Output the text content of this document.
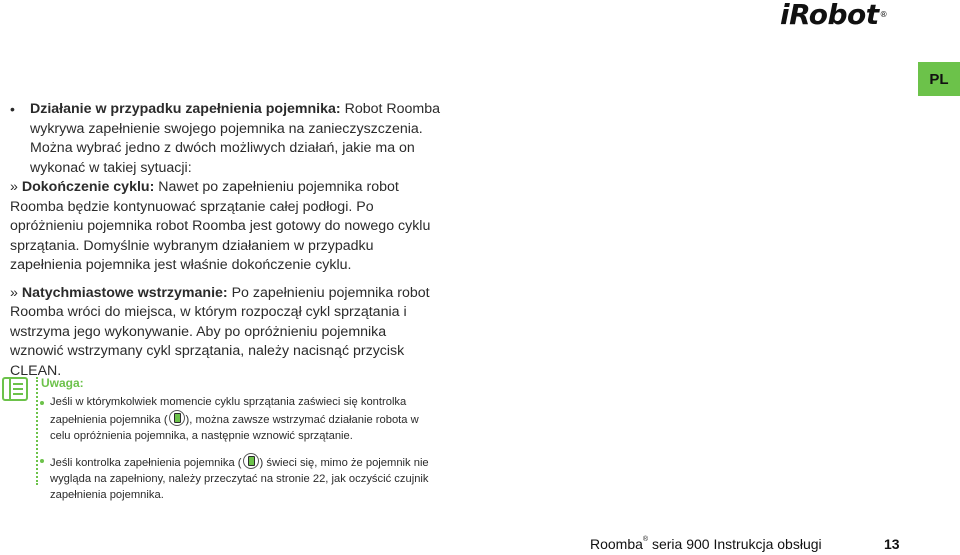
iRobot®
PL

• Działanie w przypadku zapełnienia pojemnika: Robot Roomba wykrywa zapełnienie swojego pojemnika na zanieczyszczenia. Można wybrać jedno z dwóch możliwych działań, jakie ma on wykonać w takiej sytuacji:

» Dokończenie cyklu: Nawet po zapełnieniu pojemnika robot Roomba będzie kontynuować sprzątanie całej podłogi. Po opróżnieniu pojemnika robot Roomba jest gotowy do nowego cyklu sprzątania. Domyślnie wybranym działaniem w przypadku zapełnienia pojemnika jest właśnie dokończenie cyklu.

» Natychmiastowe wstrzymanie: Po zapełnieniu pojemnika robot Roomba wróci do miejsca, w którym rozpoczął cykl sprzątania i wstrzyma jego wykonywanie. Aby po opróżnieniu pojemnika wznowić wstrzymany cykl sprzątania, należy nacisnąć przycisk CLEAN.

Uwaga:

Jeśli w którymkolwiek momencie cyklu sprzątania zaświeci się kontrolka zapełnienia pojemnika ( ), można zawsze wstrzymać działanie robota w celu opróżnienia pojemnika, a następnie wznowić sprzątanie.

Jeśli kontrolka zapełnienia pojemnika ( ) świeci się, mimo że pojemnik nie wygląda na zapełniony, należy przeczytać na stronie 22, jak oczyścić czujnik zapełnienia pojemnika.

Roomba® seria 900 Instrukcja obsługi	13
